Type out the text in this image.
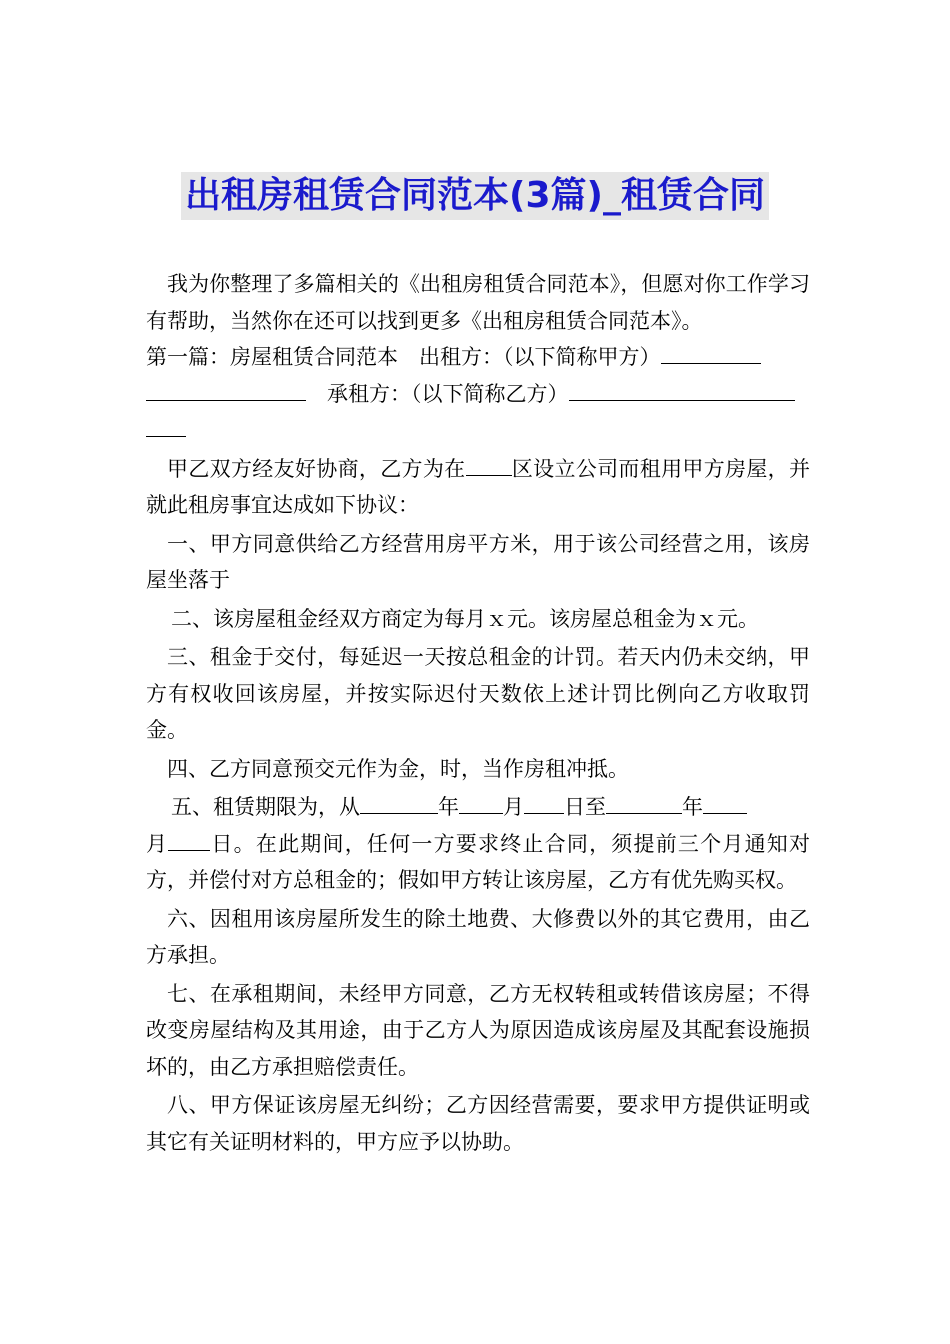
出租房租赁合同范本(3篇)_租赁合同

我为你整理了多篇相关的《出租房租赁合同范本》，但愿对你工作学习有帮助，当然你在还可以找到更多《出租房租赁合同范本》。

第一篇：房屋租赁合同范本　出租方：（以下简称甲方）
　承租方：（以下简称乙方）

甲乙双方经友好协商，乙方为在 区设立公司而租用甲方房屋，并就此租房事宜达成如下协议：

一、甲方同意供给乙方经营用房平方米，用于该公司经营之用，该房屋坐落于

二、该房屋租金经双方商定为每月ｘ元。该房屋总租金为ｘ元。

三、租金于交付，每延迟一天按总租金的计罚。若天内仍未交纳，甲方有权收回该房屋，并按实际迟付天数依上述计罚比例向乙方收取罚金。

四、乙方同意预交元作为金，时，当作房租冲抵。

五、租赁期限为，从	年 月 日至	年
月 日。在此期间，任何一方要求终止合同，须提前三个月通知对方，并偿付对方总租金的；假如甲方转让该房屋，乙方有优先购买权。

六、因租用该房屋所发生的除土地费、大修费以外的其它费用，由乙方承担。

七、在承租期间，未经甲方同意，乙方无权转租或转借该房屋；不得改变房屋结构及其用途，由于乙方人为原因造成该房屋及其配套设施损坏的，由乙方承担赔偿责任。

八、甲方保证该房屋无纠纷；乙方因经营需要，要求甲方提供证明或其它有关证明材料的，甲方应予以协助。
